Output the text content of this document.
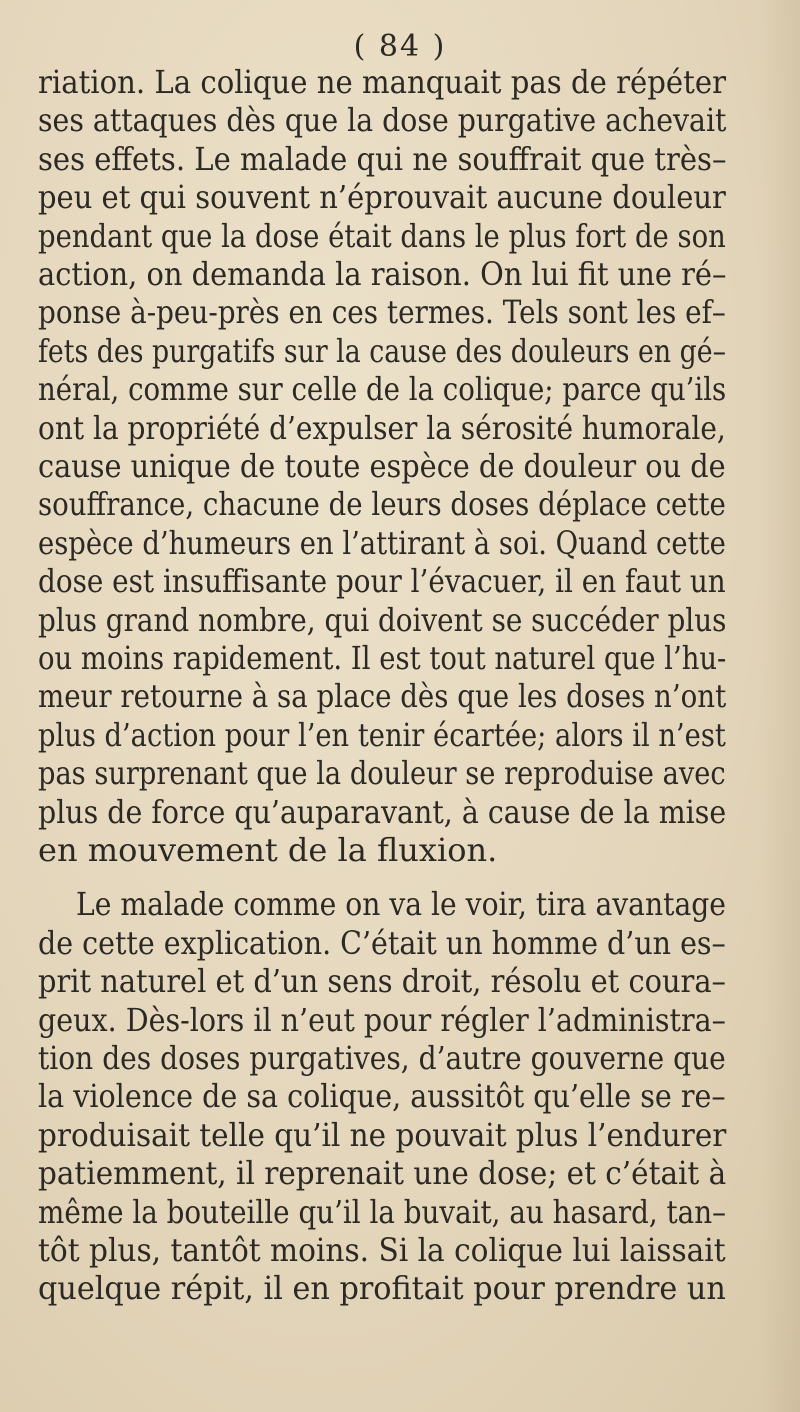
( 84 )
riation. La colique ne manquait pas de répéter
ses attaques dès que la dose purgative achevait
ses effets. Le malade qui ne souffrait que très–
peu et qui souvent n’éprouvait aucune douleur
pendant que la dose était dans le plus fort de son
action, on demanda la raison. On lui fit une ré–
ponse à-peu-près en ces termes. Tels sont les ef–
fets des purgatifs sur la cause des douleurs en gé–
néral, comme sur celle de la colique; parce qu’ils
ont la propriété d’expulser la sérosité humorale,
cause unique de toute espèce de douleur ou de
souffrance, chacune de leurs doses déplace cette
espèce d’humeurs en l’attirant à soi. Quand cette
dose est insuffisante pour l’évacuer, il en faut un
plus grand nombre, qui doivent se succéder plus
ou moins rapidement. Il est tout naturel que l’hu-
meur retourne à sa place dès que les doses n’ont
plus d’action pour l’en tenir écartée; alors il n’est
pas surprenant que la douleur se reproduise avec
plus de force qu’auparavant, à cause de la mise
en mouvement de la fluxion.
Le malade comme on va le voir, tira avantage
de cette explication. C’était un homme d’un es–
prit naturel et d’un sens droit, résolu et coura–
geux. Dès-lors il n’eut pour régler l’administra–
tion des doses purgatives, d’autre gouverne que
la violence de sa colique, aussitôt qu’elle se re–
produisait telle qu’il ne pouvait plus l’endurer
patiemment, il reprenait une dose; et c’était à
même la bouteille qu’il la buvait, au hasard, tan–
tôt plus, tantôt moins. Si la colique lui laissait
quelque répit, il en profitait pour prendre un
